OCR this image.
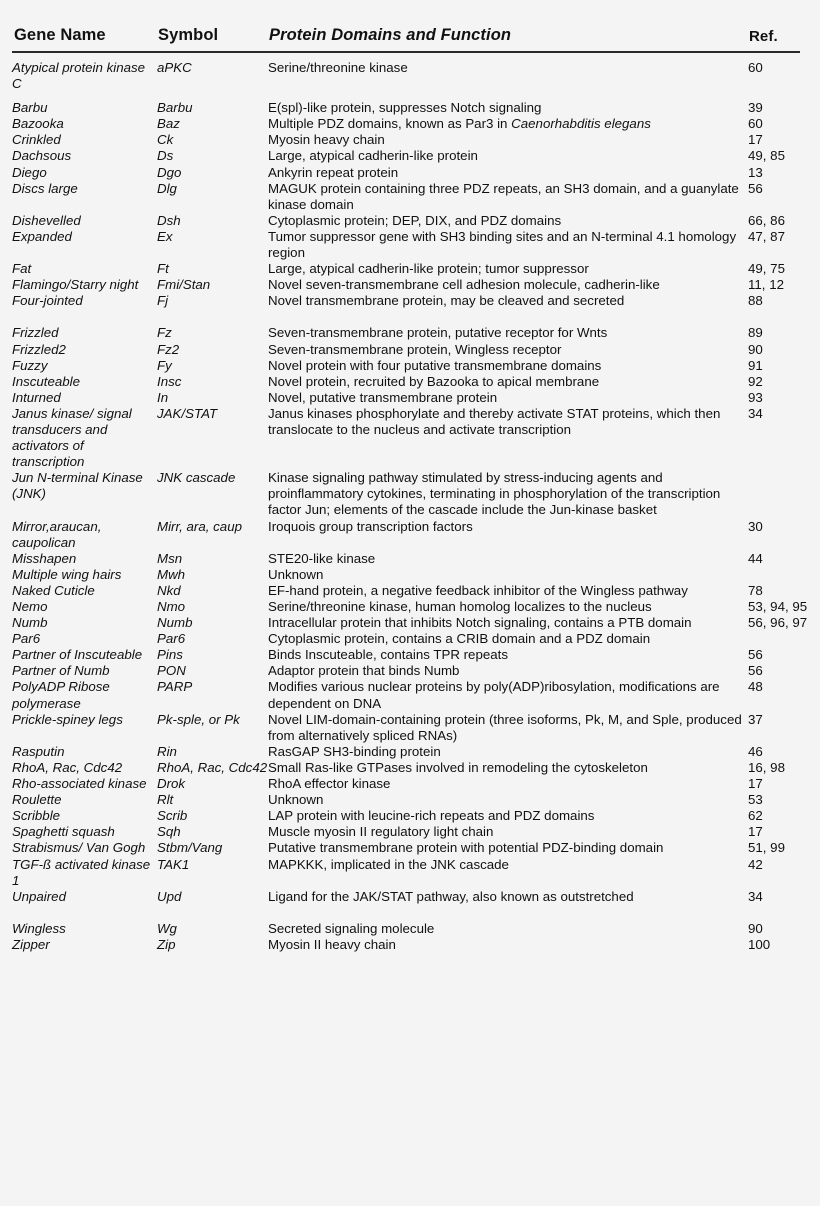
Gene Name	Symbol	Protein Domains and Function	Ref.
Atypical protein kinase C	aPKC	Serine/threonine kinase	60

Barbu	Barbu	E(spl)-like protein, suppresses Notch signaling	39
Bazooka	Baz	Multiple PDZ domains, known as Par3 in Caenorhabditis elegans	60
Crinkled	Ck	Myosin heavy chain	17
Dachsous	Ds	Large, atypical cadherin-like protein	49, 85
Diego	Dgo	Ankyrin repeat protein	13
Discs large	Dlg	MAGUK protein containing three PDZ repeats, an SH3 domain, and a guanylate kinase domain	56
Dishevelled	Dsh	Cytoplasmic protein; DEP, DIX, and PDZ domains	66, 86
Expanded	Ex	Tumor suppressor gene with SH3 binding sites and an N-terminal 4.1 homology region	47, 87
Fat	Ft	Large, atypical cadherin-like protein; tumor suppressor	49, 75
Flamingo/Starry night	Fmi/Stan	Novel seven-transmembrane cell adhesion molecule, cadherin-like	11, 12
Four-jointed	Fj	Novel transmembrane protein, may be cleaved and secreted	88

Frizzled	Fz	Seven-transmembrane protein, putative receptor for Wnts	89
Frizzled2	Fz2	Seven-transmembrane protein, Wingless receptor	90
Fuzzy	Fy	Novel protein with four putative transmembrane domains	91
Inscuteable	Insc	Novel protein, recruited by Bazooka to apical membrane	92
Inturned	In	Novel, putative transmembrane protein	93
Janus kinase/ signal transducers and activators of transcription	JAK/STAT	Janus kinases phosphorylate and thereby activate STAT proteins, which then translocate to the nucleus and activate transcription	34
Jun N-terminal Kinase (JNK)	JNK cascade	Kinase signaling pathway stimulated by stress-inducing agents and proinflammatory cytokines, terminating in phosphorylation of the transcription factor Jun; elements of the cascade include the Jun-kinase basket	
Mirror,araucan, caupolican	Mirr, ara, caup	Iroquois group transcription factors	30
Misshapen	Msn	STE20-like kinase	44
Multiple wing hairs	Mwh	Unknown	
Naked Cuticle	Nkd	EF-hand protein, a negative feedback inhibitor of the Wingless pathway	78
Nemo	Nmo	Serine/threonine kinase, human homolog localizes to the nucleus	53, 94, 95
Numb	Numb	Intracellular protein that inhibits Notch signaling, contains a PTB domain	56, 96, 97
Par6	Par6	Cytoplasmic protein, contains a CRIB domain and a PDZ domain	
Partner of Inscuteable	Pins	Binds Inscuteable, contains TPR repeats	56
Partner of Numb	PON	Adaptor protein that binds Numb	56
PolyADP Ribose polymerase	PARP	Modifies various nuclear proteins by poly(ADP)ribosylation, modifications are dependent on DNA	48
Prickle-spiney legs	Pk-sple, or Pk	Novel LIM-domain-containing protein (three isoforms, Pk, M, and Sple, produced from alternatively spliced RNAs)	37
Rasputin	Rin	RasGAP SH3-binding protein	46
RhoA, Rac, Cdc42	RhoA, Rac, Cdc42	Small Ras-like GTPases involved in remodeling the cytoskeleton	16, 98
Rho-associated kinase	Drok	RhoA effector kinase	17
Roulette	Rlt	Unknown	53
Scribble	Scrib	LAP protein with leucine-rich repeats and PDZ domains	62
Spaghetti squash	Sqh	Muscle myosin II regulatory light chain	17
Strabismus/ Van Gogh	Stbm/Vang	Putative transmembrane protein with potential PDZ-binding domain	51, 99
TGF-ß activated kinase 1	TAK1	MAPKKK, implicated in the JNK cascade	42
Unpaired	Upd	Ligand for the JAK/STAT pathway, also known as outstretched	34

Wingless	Wg	Secreted signaling molecule	90
Zipper	Zip	Myosin II heavy chain	100
